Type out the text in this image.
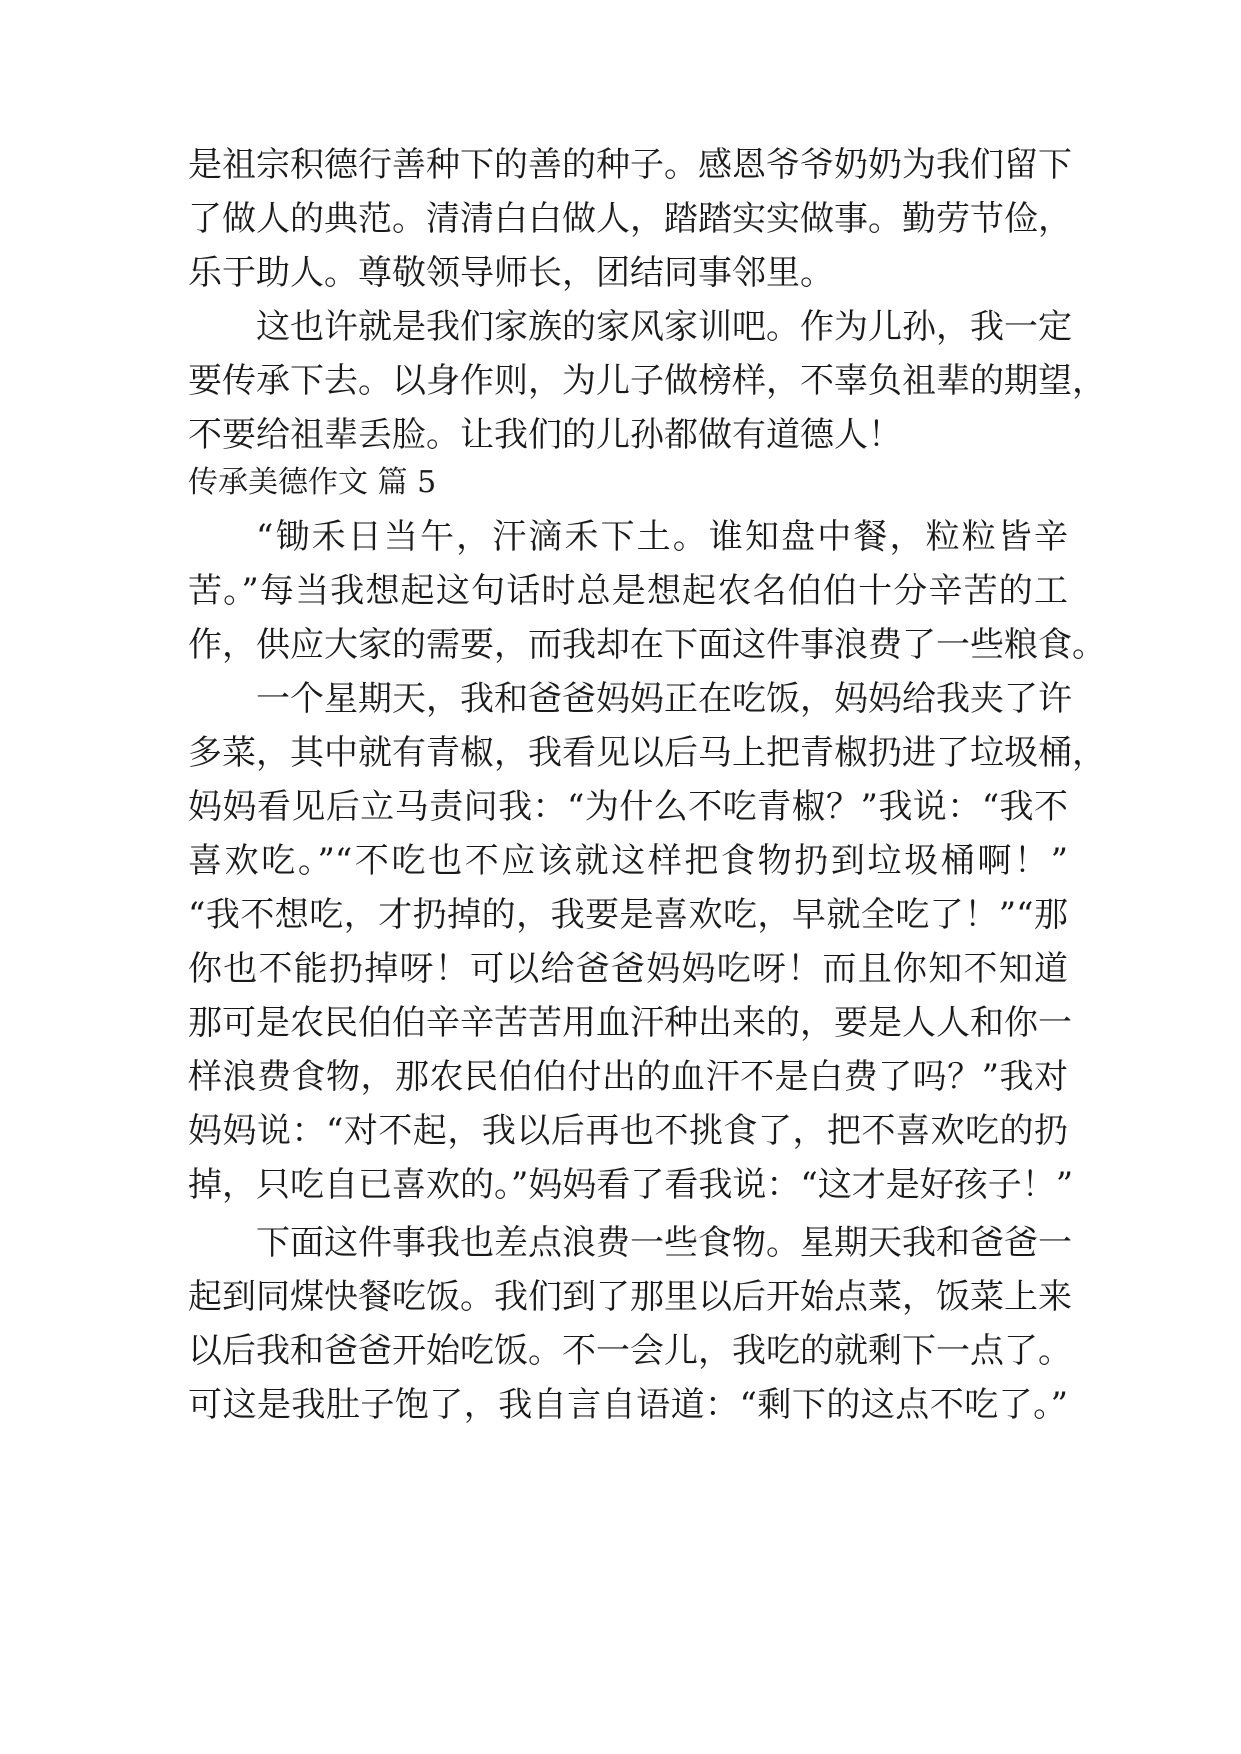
是祖宗积德行善种下的善的种子。感恩爷爷奶奶为我们留下
了做人的典范。清清白白做人，踏踏实实做事。勤劳节俭，
乐于助人。尊敬领导师长，团结同事邻里。
这也许就是我们家族的家风家训吧。作为儿孙，我一定
要传承下去。以身作则，为儿子做榜样，不辜负祖辈的期望，
不要给祖辈丢脸。让我们的儿孙都做有道德人！
传承美德作文 篇 5
“锄禾日当午，汗滴禾下土。谁知盘中餐，粒粒皆辛
苦。”每当我想起这句话时总是想起农名伯伯十分辛苦的工
作，供应大家的需要，而我却在下面这件事浪费了一些粮食。
一个星期天，我和爸爸妈妈正在吃饭，妈妈给我夹了许
多菜，其中就有青椒，我看见以后马上把青椒扔进了垃圾桶，
妈妈看见后立马责问我：“为什么不吃青椒？”我说：“我不
喜欢吃。”“不吃也不应该就这样把食物扔到垃圾桶啊！”
“我不想吃，才扔掉的，我要是喜欢吃，早就全吃了！”“那
你也不能扔掉呀！可以给爸爸妈妈吃呀！而且你知不知道
那可是农民伯伯辛辛苦苦用血汗种出来的，要是人人和你一
样浪费食物，那农民伯伯付出的血汗不是白费了吗？”我对
妈妈说：“对不起，我以后再也不挑食了，把不喜欢吃的扔
掉，只吃自已喜欢的。”妈妈看了看我说：“这才是好孩子！”
下面这件事我也差点浪费一些食物。星期天我和爸爸一
起到同煤快餐吃饭。我们到了那里以后开始点菜，饭菜上来
以后我和爸爸开始吃饭。不一会儿，我吃的就剩下一点了。
可这是我肚子饱了，我自言自语道：“剩下的这点不吃了。”
